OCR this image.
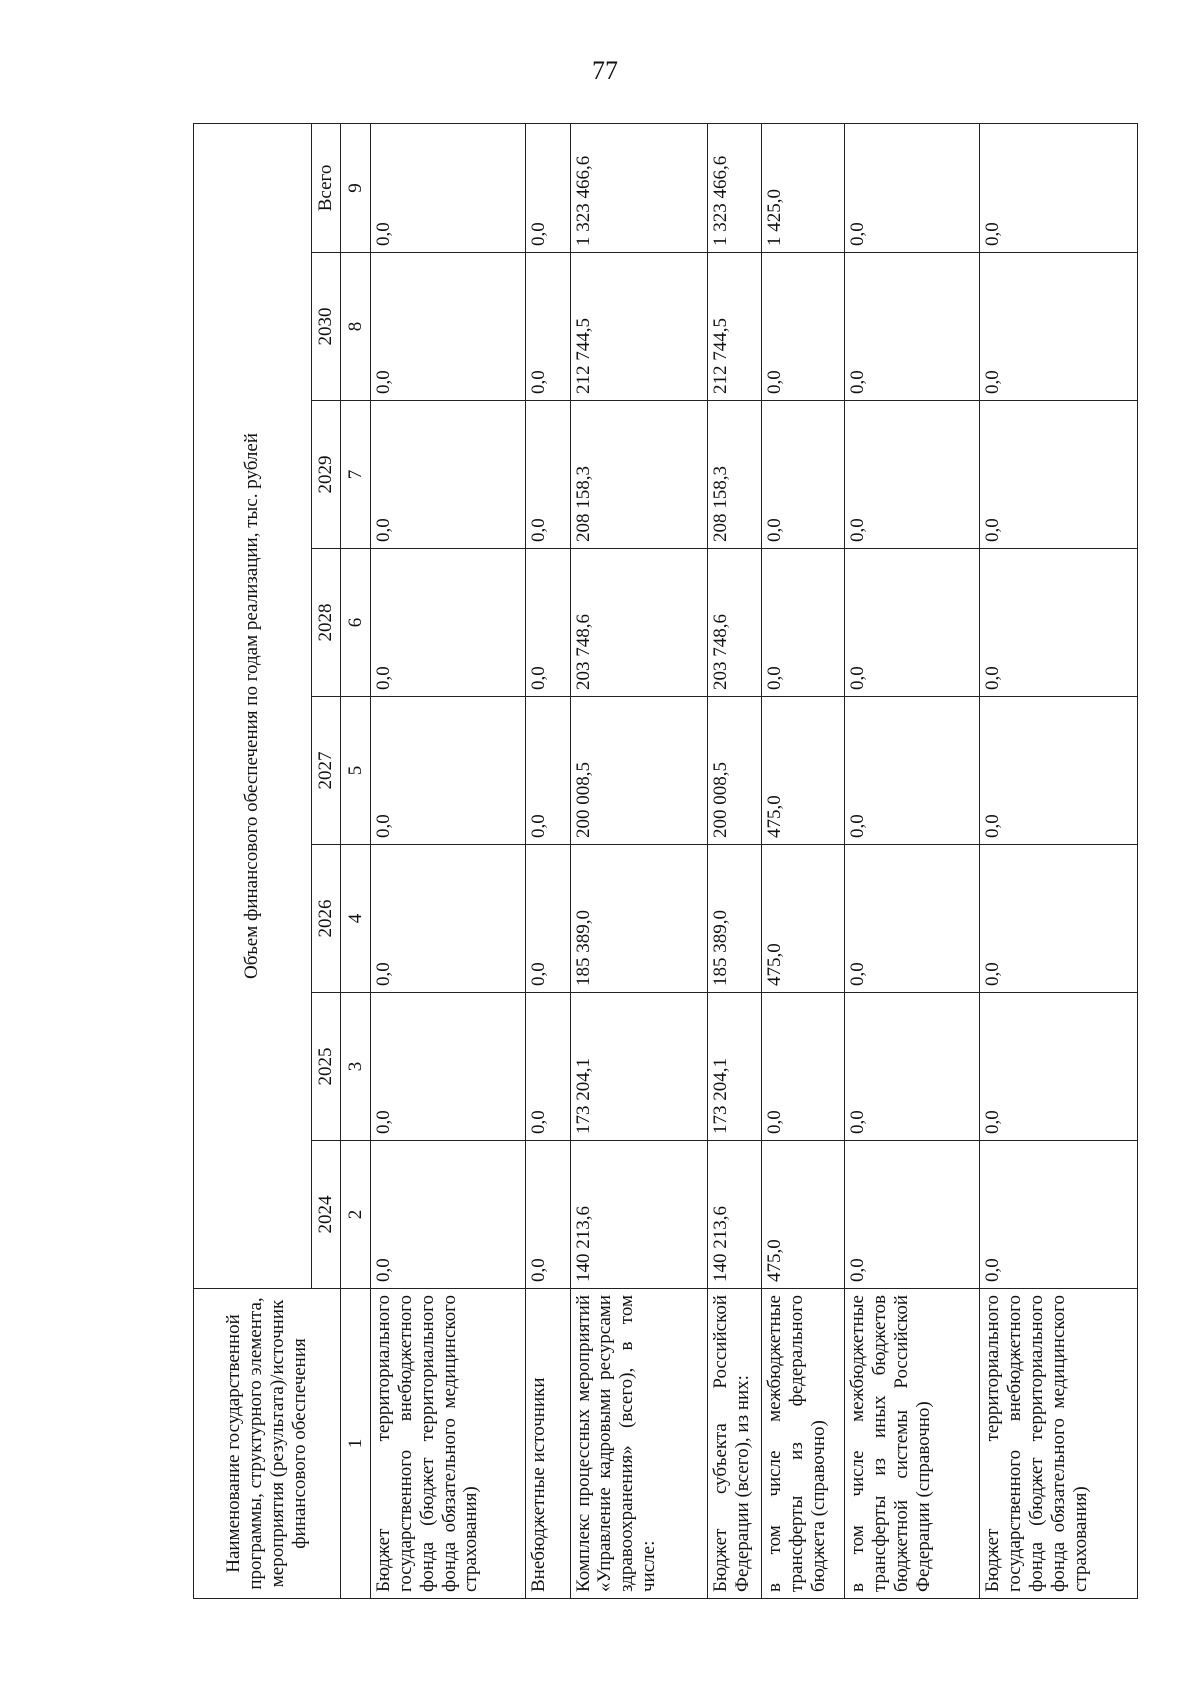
77
Наименование государственной программы, структурного элемента, мероприятия (результата)/источник финансового обеспечения	Объем финансового обеспечения по годам реализации, тыс. рублей							
	2024	2025	2026	2027	2028	2029	2030	Всего
1	2	3	4	5	6	7	8	9
Бюджет территориального государственного внебюджетного фонда (бюджет территориального фонда обязательного медицинского страхования)	0,0	0,0	0,0	0,0	0,0	0,0	0,0	0,0
Внебюджетные источники	0,0	0,0	0,0	0,0	0,0	0,0	0,0	0,0
Комплекс процессных мероприятий «Управление кадровыми ресурсами здравоохранения» (всего), в том числе:	140 213,6	173 204,1	185 389,0	200 008,5	203 748,6	208 158,3	212 744,5	1 323 466,6
Бюджет субъекта Российской Федерации (всего), из них:	140 213,6	173 204,1	185 389,0	200 008,5	203 748,6	208 158,3	212 744,5	1 323 466,6
в том числе межбюджетные трансферты из федерального бюджета (справочно)	475,0	0,0	475,0	475,0	0,0	0,0	0,0	1 425,0
в том числе межбюджетные трансферты из иных бюджетов бюджетной системы Российской Федерации (справочно)	0,0	0,0	0,0	0,0	0,0	0,0	0,0	0,0
Бюджет территориального государственного внебюджетного фонда (бюджет территориального фонда обязательного медицинского страхования)	0,0	0,0	0,0	0,0	0,0	0,0	0,0	0,0
